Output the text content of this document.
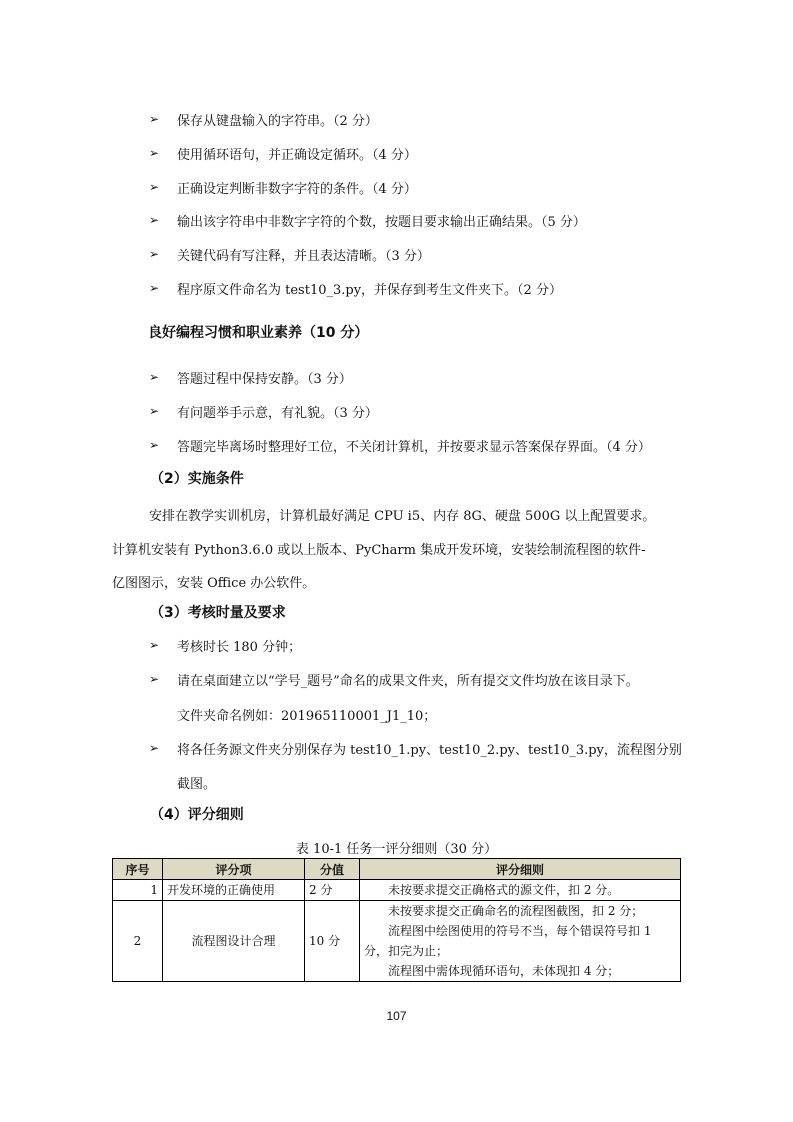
➢	保存从键盘输入的字符串。（2 分）
➢	使用循环语句，并正确设定循环。（4 分）
➢	正确设定判断非数字字符的条件。（4 分）
➢	输出该字符串中非数字字符的个数，按题目要求输出正确结果。（5 分）
➢	关键代码有写注释，并且表达清晰。（3 分）
➢	程序原文件命名为 test10_3.py，并保存到考生文件夹下。（2 分）
良好编程习惯和职业素养（10 分）
➢	答题过程中保持安静。（3 分）
➢	有问题举手示意，有礼貌。（3 分）
➢	答题完毕离场时整理好工位，不关闭计算机，并按要求显示答案保存界面。（4 分）
（2）实施条件
安排在教学实训机房，计算机最好满足 CPU i5、内存 8G、硬盘 500G 以上配置要求。
计算机安装有 Python3.6.0 或以上版本、PyCharm 集成开发环境，安装绘制流程图的软件-
亿图图示，安装 Office 办公软件。
（3）考核时量及要求
➢	考核时长 180 分钟；
➢	请在桌面建立以“学号_题号”命名的成果文件夹，所有提交文件均放在该目录下。
文件夹命名例如：201965110001_J1_10；
➢	将各任务源文件夹分别保存为 test10_1.py、test10_2.py、test10_3.py，流程图分别
截图。
（4）评分细则
表 10-1 任务一评分细则（30 分）
序号	评分项	分值	评分细则
1	开发环境的正确使用	2 分	未按要求提交正确格式的源文件，扣 2 分。
2	流程图设计合理	10 分	未按要求提交正确命名的流程图截图，扣 2 分；
流程图中绘图使用的符号不当，每个错误符号扣 1
分，扣完为止；
流程图中需体现循环语句，未体现扣 4 分；
107
